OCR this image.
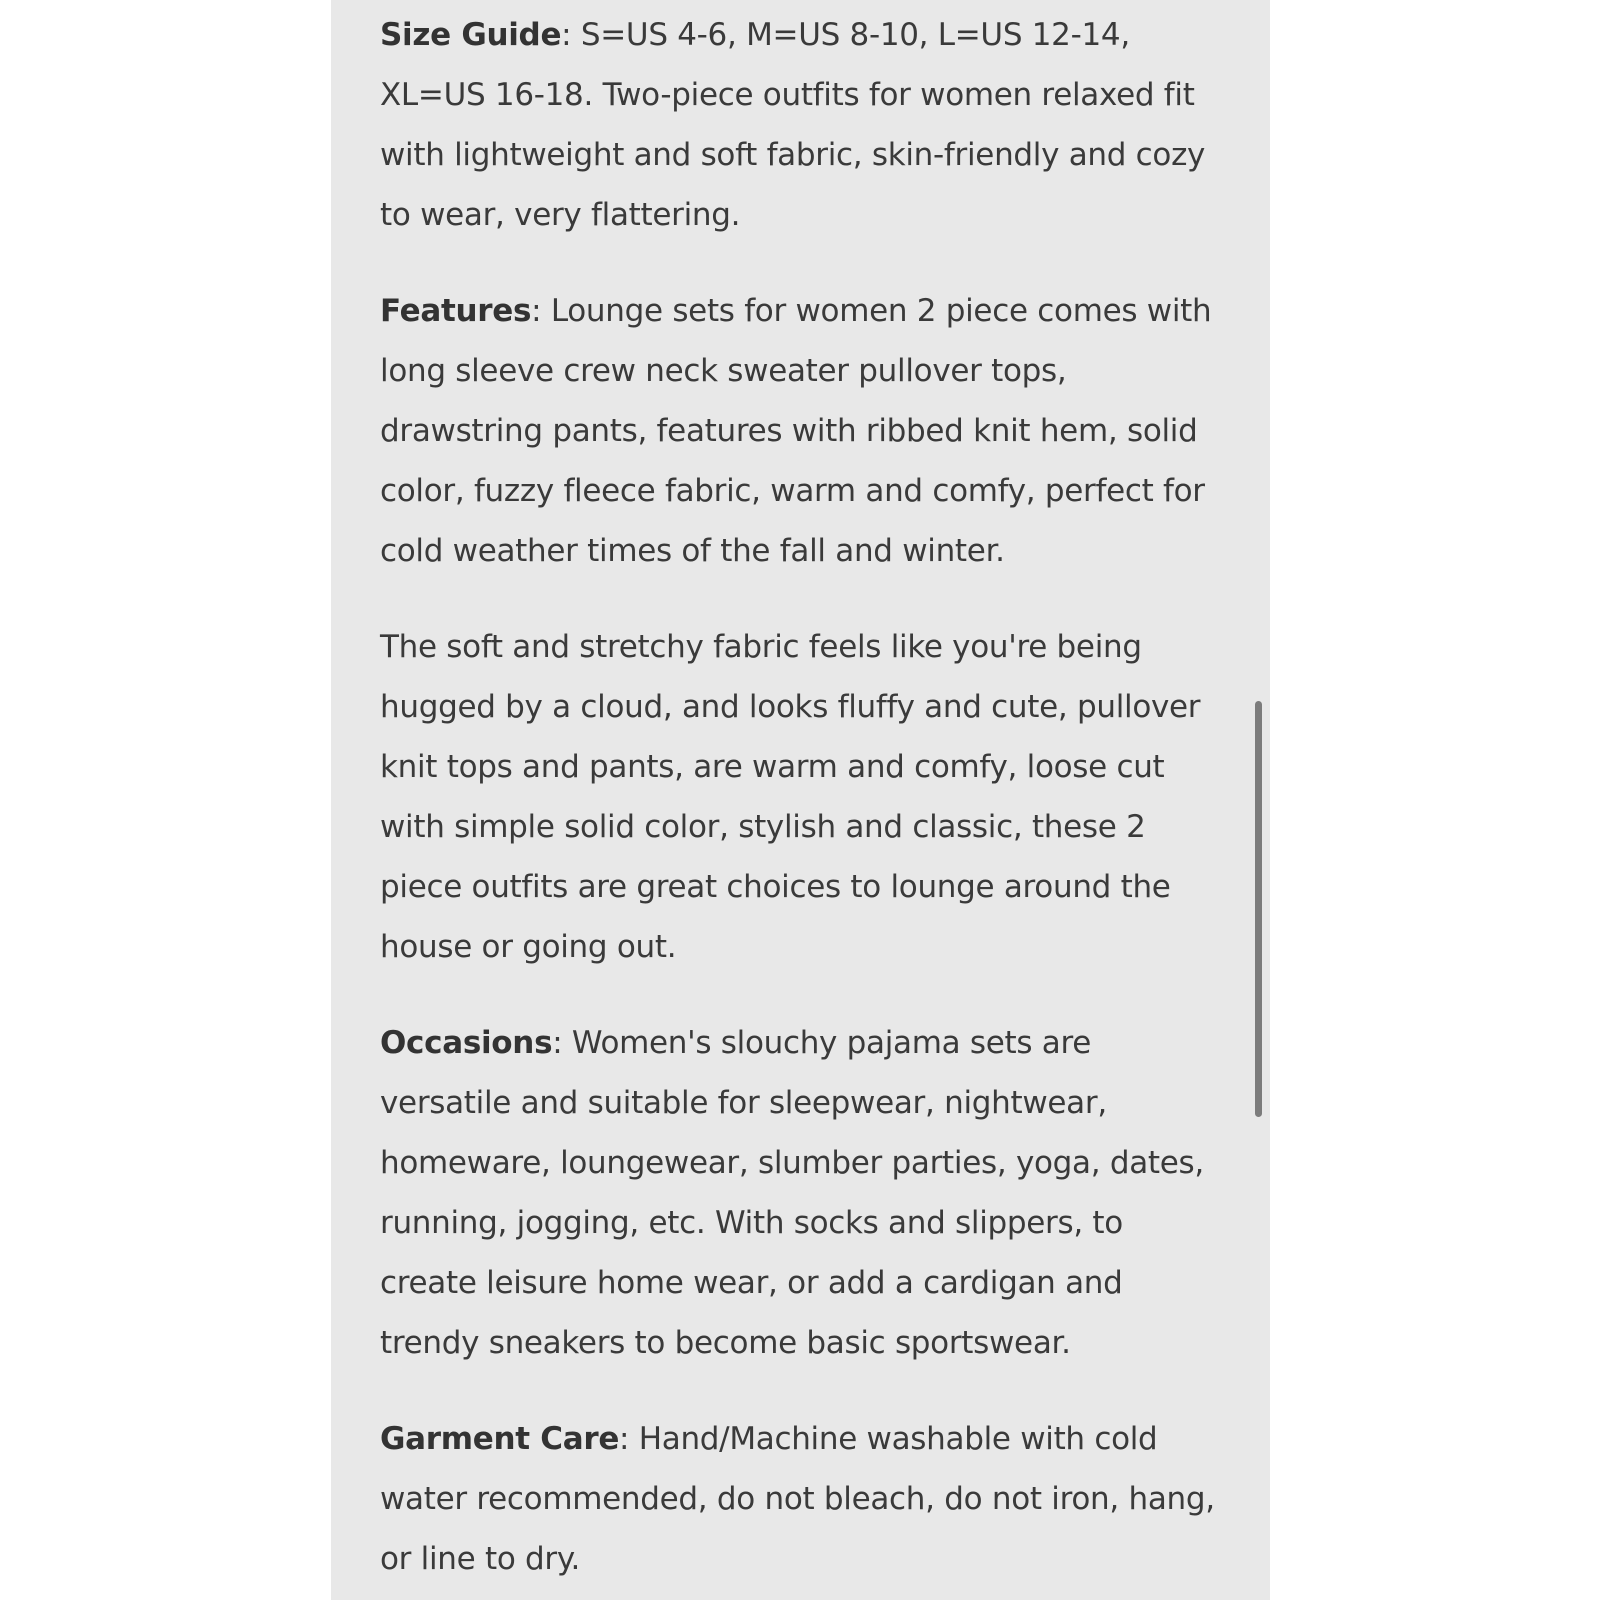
Size Guide: S=US 4-6, M=US 8-10, L=US 12-14, XL=US 16-18. Two-piece outfits for women relaxed fit with lightweight and soft fabric, skin-friendly and cozy to wear, very flattering.

Features: Lounge sets for women 2 piece comes with long sleeve crew neck sweater pullover tops, drawstring pants, features with ribbed knit hem, solid color, fuzzy fleece fabric, warm and comfy, perfect for cold weather times of the fall and winter.

The soft and stretchy fabric feels like you're being hugged by a cloud, and looks fluffy and cute, pullover knit tops and pants, are warm and comfy, loose cut with simple solid color, stylish and classic, these 2 piece outfits are great choices to lounge around the house or going out.

Occasions: Women's slouchy pajama sets are versatile and suitable for sleepwear, nightwear, homeware, loungewear, slumber parties, yoga, dates, running, jogging, etc. With socks and slippers, to create leisure home wear, or add a cardigan and trendy sneakers to become basic sportswear.

Garment Care: Hand/Machine washable with cold water recommended, do not bleach, do not iron, hang, or line to dry.
